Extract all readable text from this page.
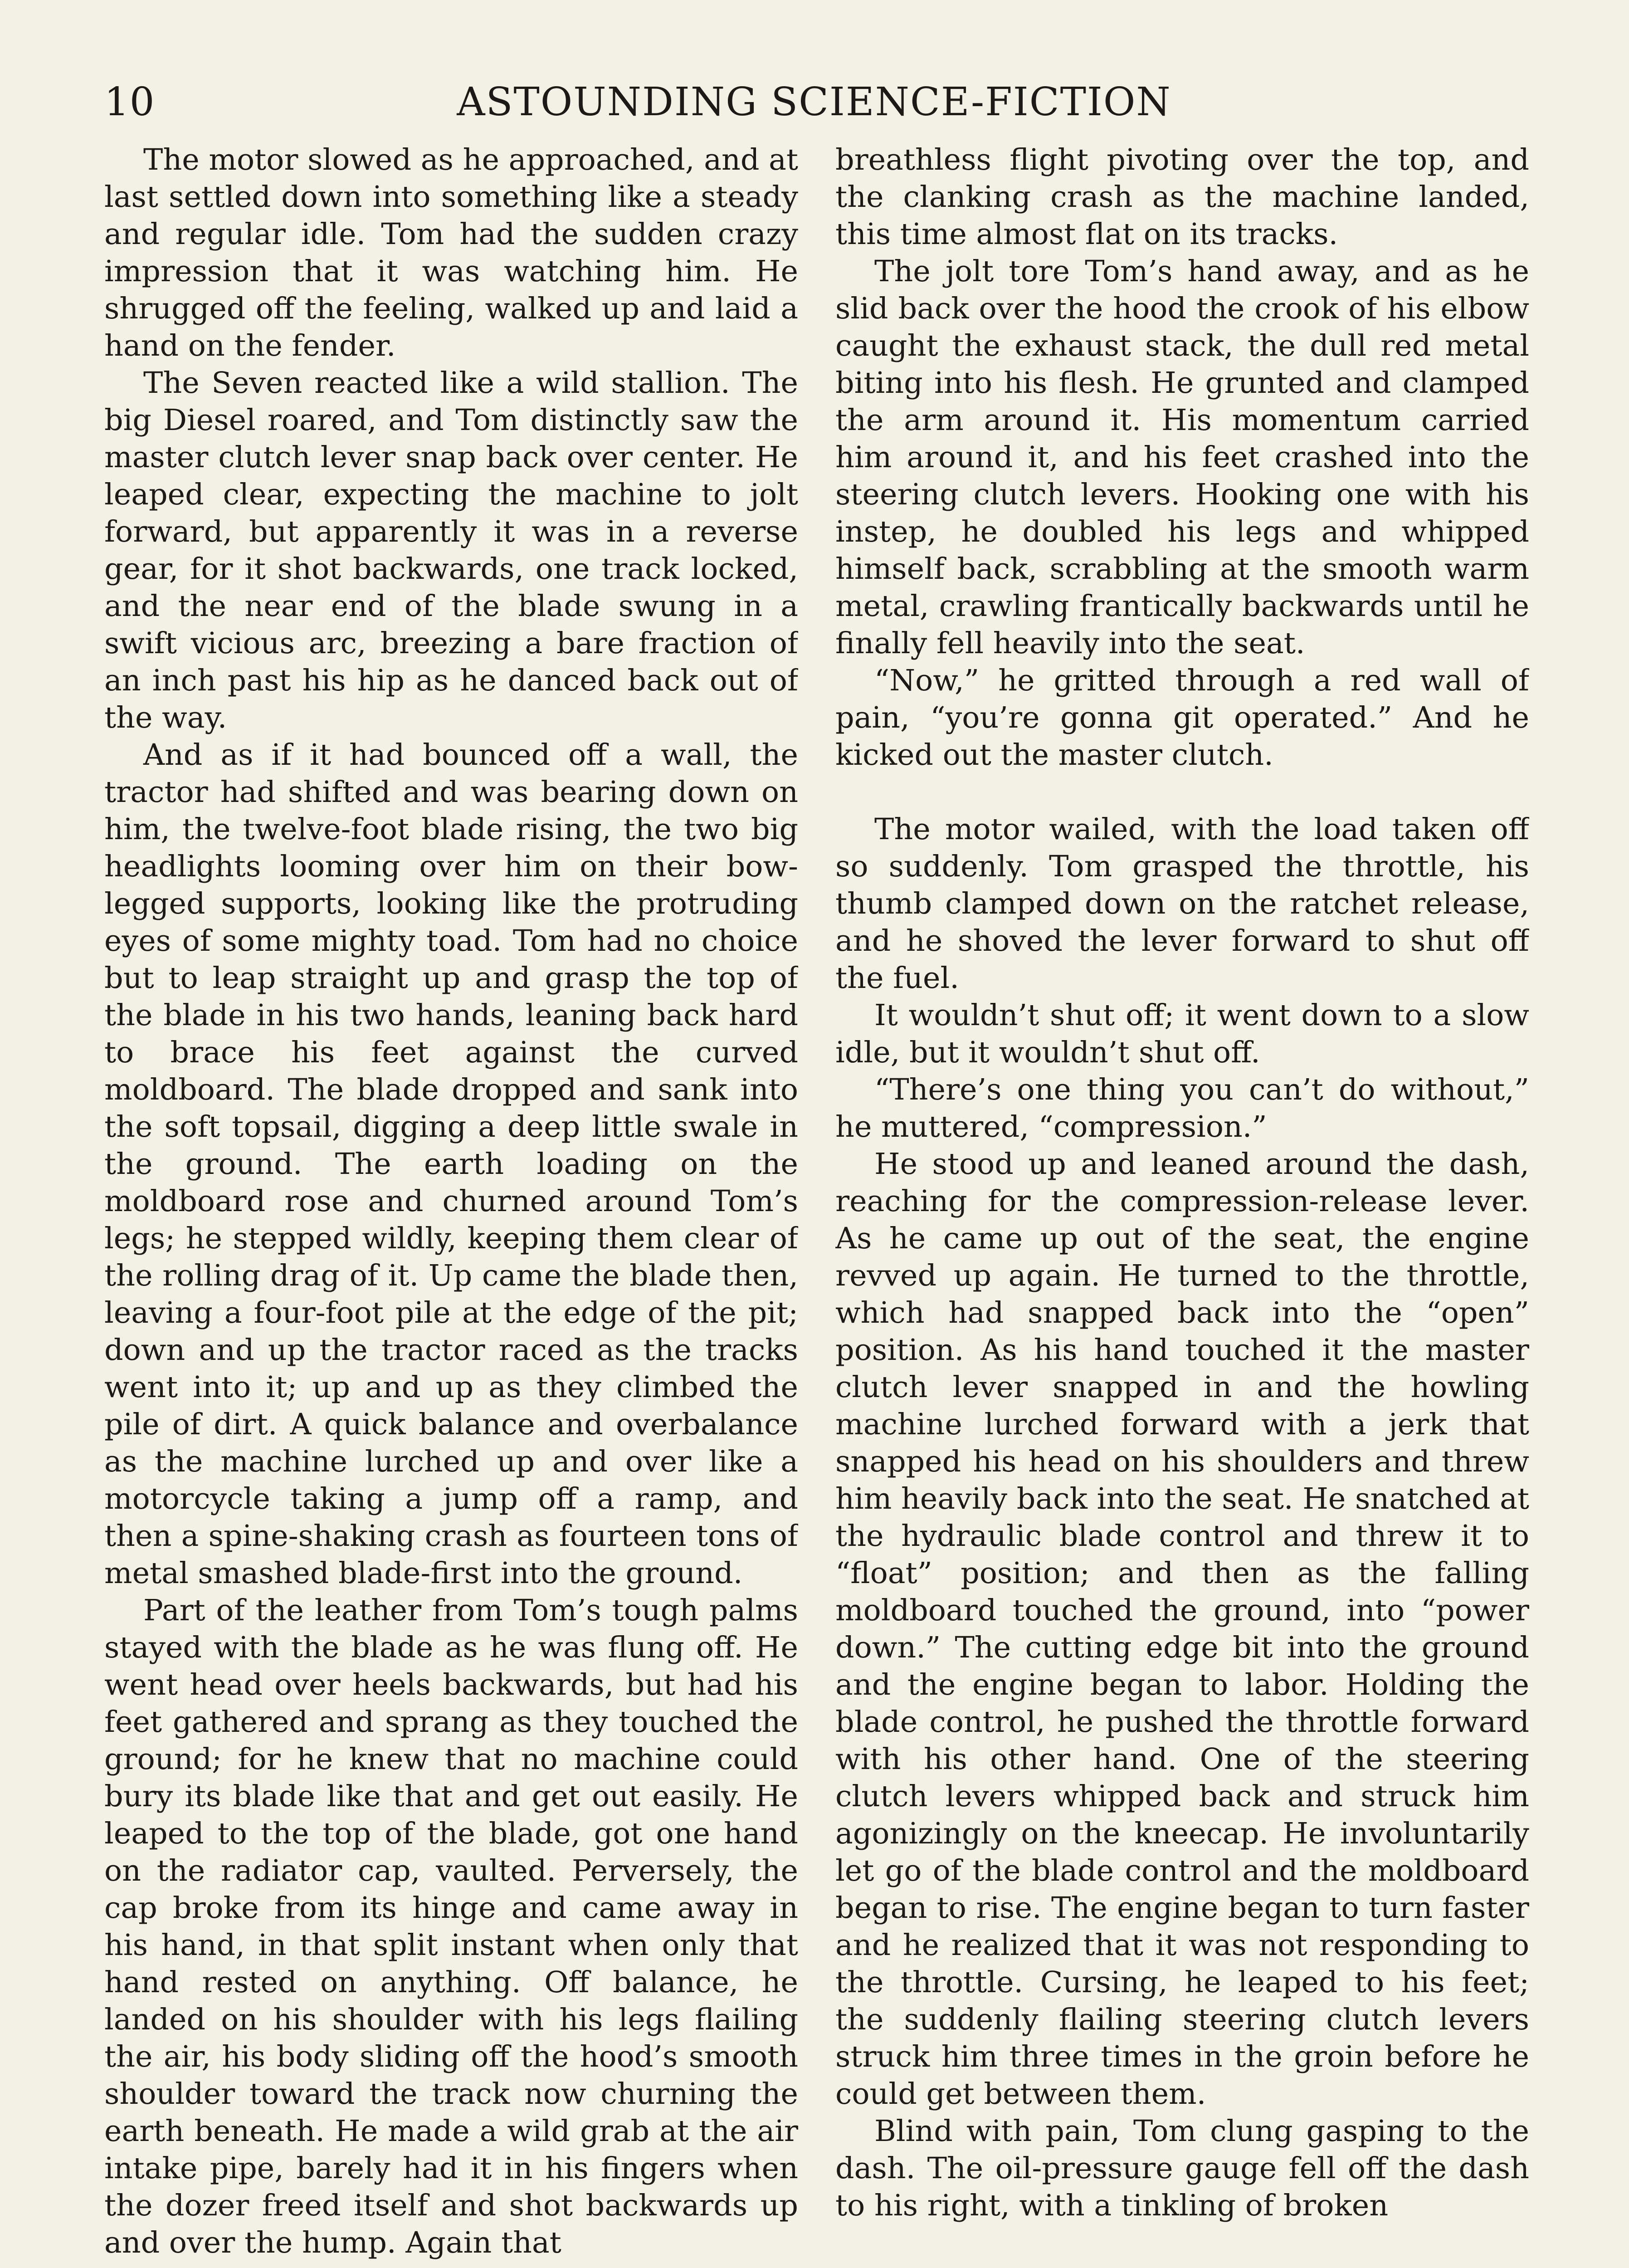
10	ASTOUNDING SCIENCE-FICTION

The motor slowed as he approached, and at last settled down into something like a steady and regular idle. Tom had the sudden crazy impression that it was watching him. He shrugged off the feeling, walked up and laid a hand on the fender.

The Seven reacted like a wild stallion. The big Diesel roared, and Tom distinctly saw the master clutch lever snap back over center. He leaped clear, expecting the machine to jolt forward, but apparently it was in a reverse gear, for it shot backwards, one track locked, and the near end of the blade swung in a swift vicious arc, breezing a bare fraction of an inch past his hip as he danced back out of the way.

And as if it had bounced off a wall, the tractor had shifted and was bearing down on him, the twelve-foot blade rising, the two big headlights looming over him on their bow-legged supports, looking like the protruding eyes of some mighty toad. Tom had no choice but to leap straight up and grasp the top of the blade in his two hands, leaning back hard to brace his feet against the curved moldboard. The blade dropped and sank into the soft topsail, digging a deep little swale in the ground. The earth loading on the moldboard rose and churned around Tom’s legs; he stepped wildly, keeping them clear of the rolling drag of it. Up came the blade then, leaving a four-foot pile at the edge of the pit; down and up the tractor raced as the tracks went into it; up and up as they climbed the pile of dirt. A quick balance and overbalance as the machine lurched up and over like a motorcycle taking a jump off a ramp, and then a spine-shaking crash as fourteen tons of metal smashed blade-first into the ground.

Part of the leather from Tom’s tough palms stayed with the blade as he was flung off. He went head over heels backwards, but had his feet gathered and sprang as they touched the ground; for he knew that no machine could bury its blade like that and get out easily. He leaped to the top of the blade, got one hand on the radiator cap, vaulted. Perversely, the cap broke from its hinge and came away in his hand, in that split instant when only that hand rested on anything. Off balance, he landed on his shoulder with his legs flailing the air, his body sliding off the hood’s smooth shoulder toward the track now churning the earth beneath. He made a wild grab at the air intake pipe, barely had it in his fingers when the dozer freed itself and shot backwards up and over the hump. Again that

breathless flight pivoting over the top, and the clanking crash as the machine landed, this time almost flat on its tracks.

The jolt tore Tom’s hand away, and as he slid back over the hood the crook of his elbow caught the exhaust stack, the dull red metal biting into his flesh. He grunted and clamped the arm around it. His momentum carried him around it, and his feet crashed into the steering clutch levers. Hooking one with his instep, he doubled his legs and whipped himself back, scrabbling at the smooth warm metal, crawling frantically backwards until he finally fell heavily into the seat.

“Now,” he gritted through a red wall of pain, “you’re gonna git operated.” And he kicked out the master clutch.

The motor wailed, with the load taken off so suddenly. Tom grasped the throttle, his thumb clamped down on the ratchet release, and he shoved the lever forward to shut off the fuel.

It wouldn’t shut off; it went down to a slow idle, but it wouldn’t shut off.

“There’s one thing you can’t do without,” he muttered, “compression.”

He stood up and leaned around the dash, reaching for the compression-release lever. As he came up out of the seat, the engine revved up again. He turned to the throttle, which had snapped back into the “open” position. As his hand touched it the master clutch lever snapped in and the howling machine lurched forward with a jerk that snapped his head on his shoulders and threw him heavily back into the seat. He snatched at the hydraulic blade control and threw it to “float” position; and then as the falling moldboard touched the ground, into “power down.” The cutting edge bit into the ground and the engine began to labor. Holding the blade control, he pushed the throttle forward with his other hand. One of the steering clutch levers whipped back and struck him agonizingly on the kneecap. He involuntarily let go of the blade control and the moldboard began to rise. The engine began to turn faster and he realized that it was not responding to the throttle. Cursing, he leaped to his feet; the suddenly flailing steering clutch levers struck him three times in the groin before he could get between them.

Blind with pain, Tom clung gasping to the dash. The oil-pressure gauge fell off the dash to his right, with a tinkling of broken
